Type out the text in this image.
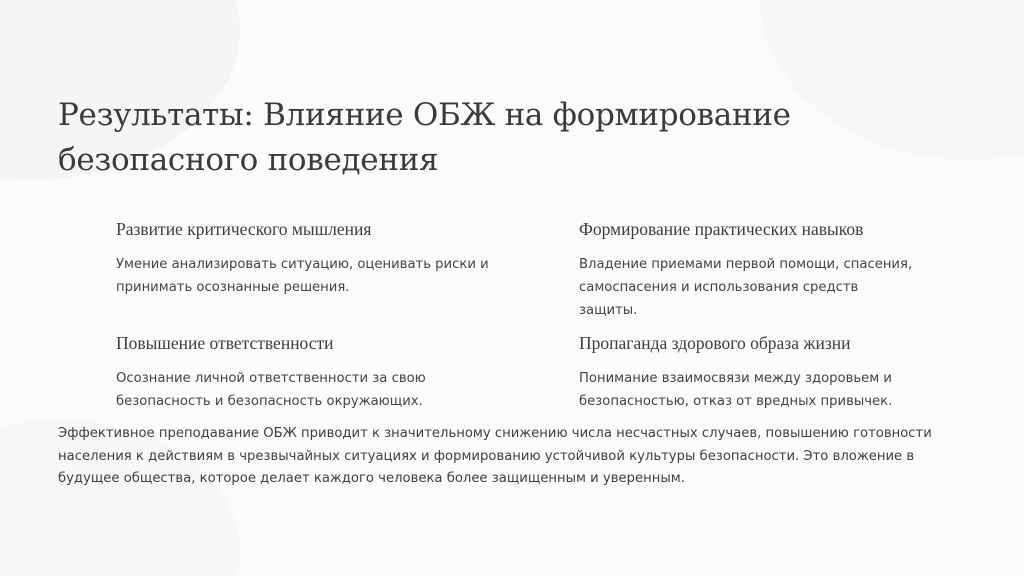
Результаты: Влияние ОБЖ на формирование безопасного поведения
Развитие критического мышления

Умение анализировать ситуацию, оценивать риски и принимать осознанные решения.

Формирование практических навыков

Владение приемами первой помощи, спасения, самоспасения и использования средств защиты.

Повышение ответственности

Осознание личной ответственности за свою безопасность и безопасность окружающих.

Пропаганда здорового образа жизни

Понимание взаимосвязи между здоровьем и безопасностью, отказ от вредных привычек.

Эффективное преподавание ОБЖ приводит к значительному снижению числа несчастных случаев, повышению готовности населения к действиям в чрезвычайных ситуациях и формированию устойчивой культуры безопасности. Это вложение в будущее общества, которое делает каждого человека более защищенным и уверенным.
